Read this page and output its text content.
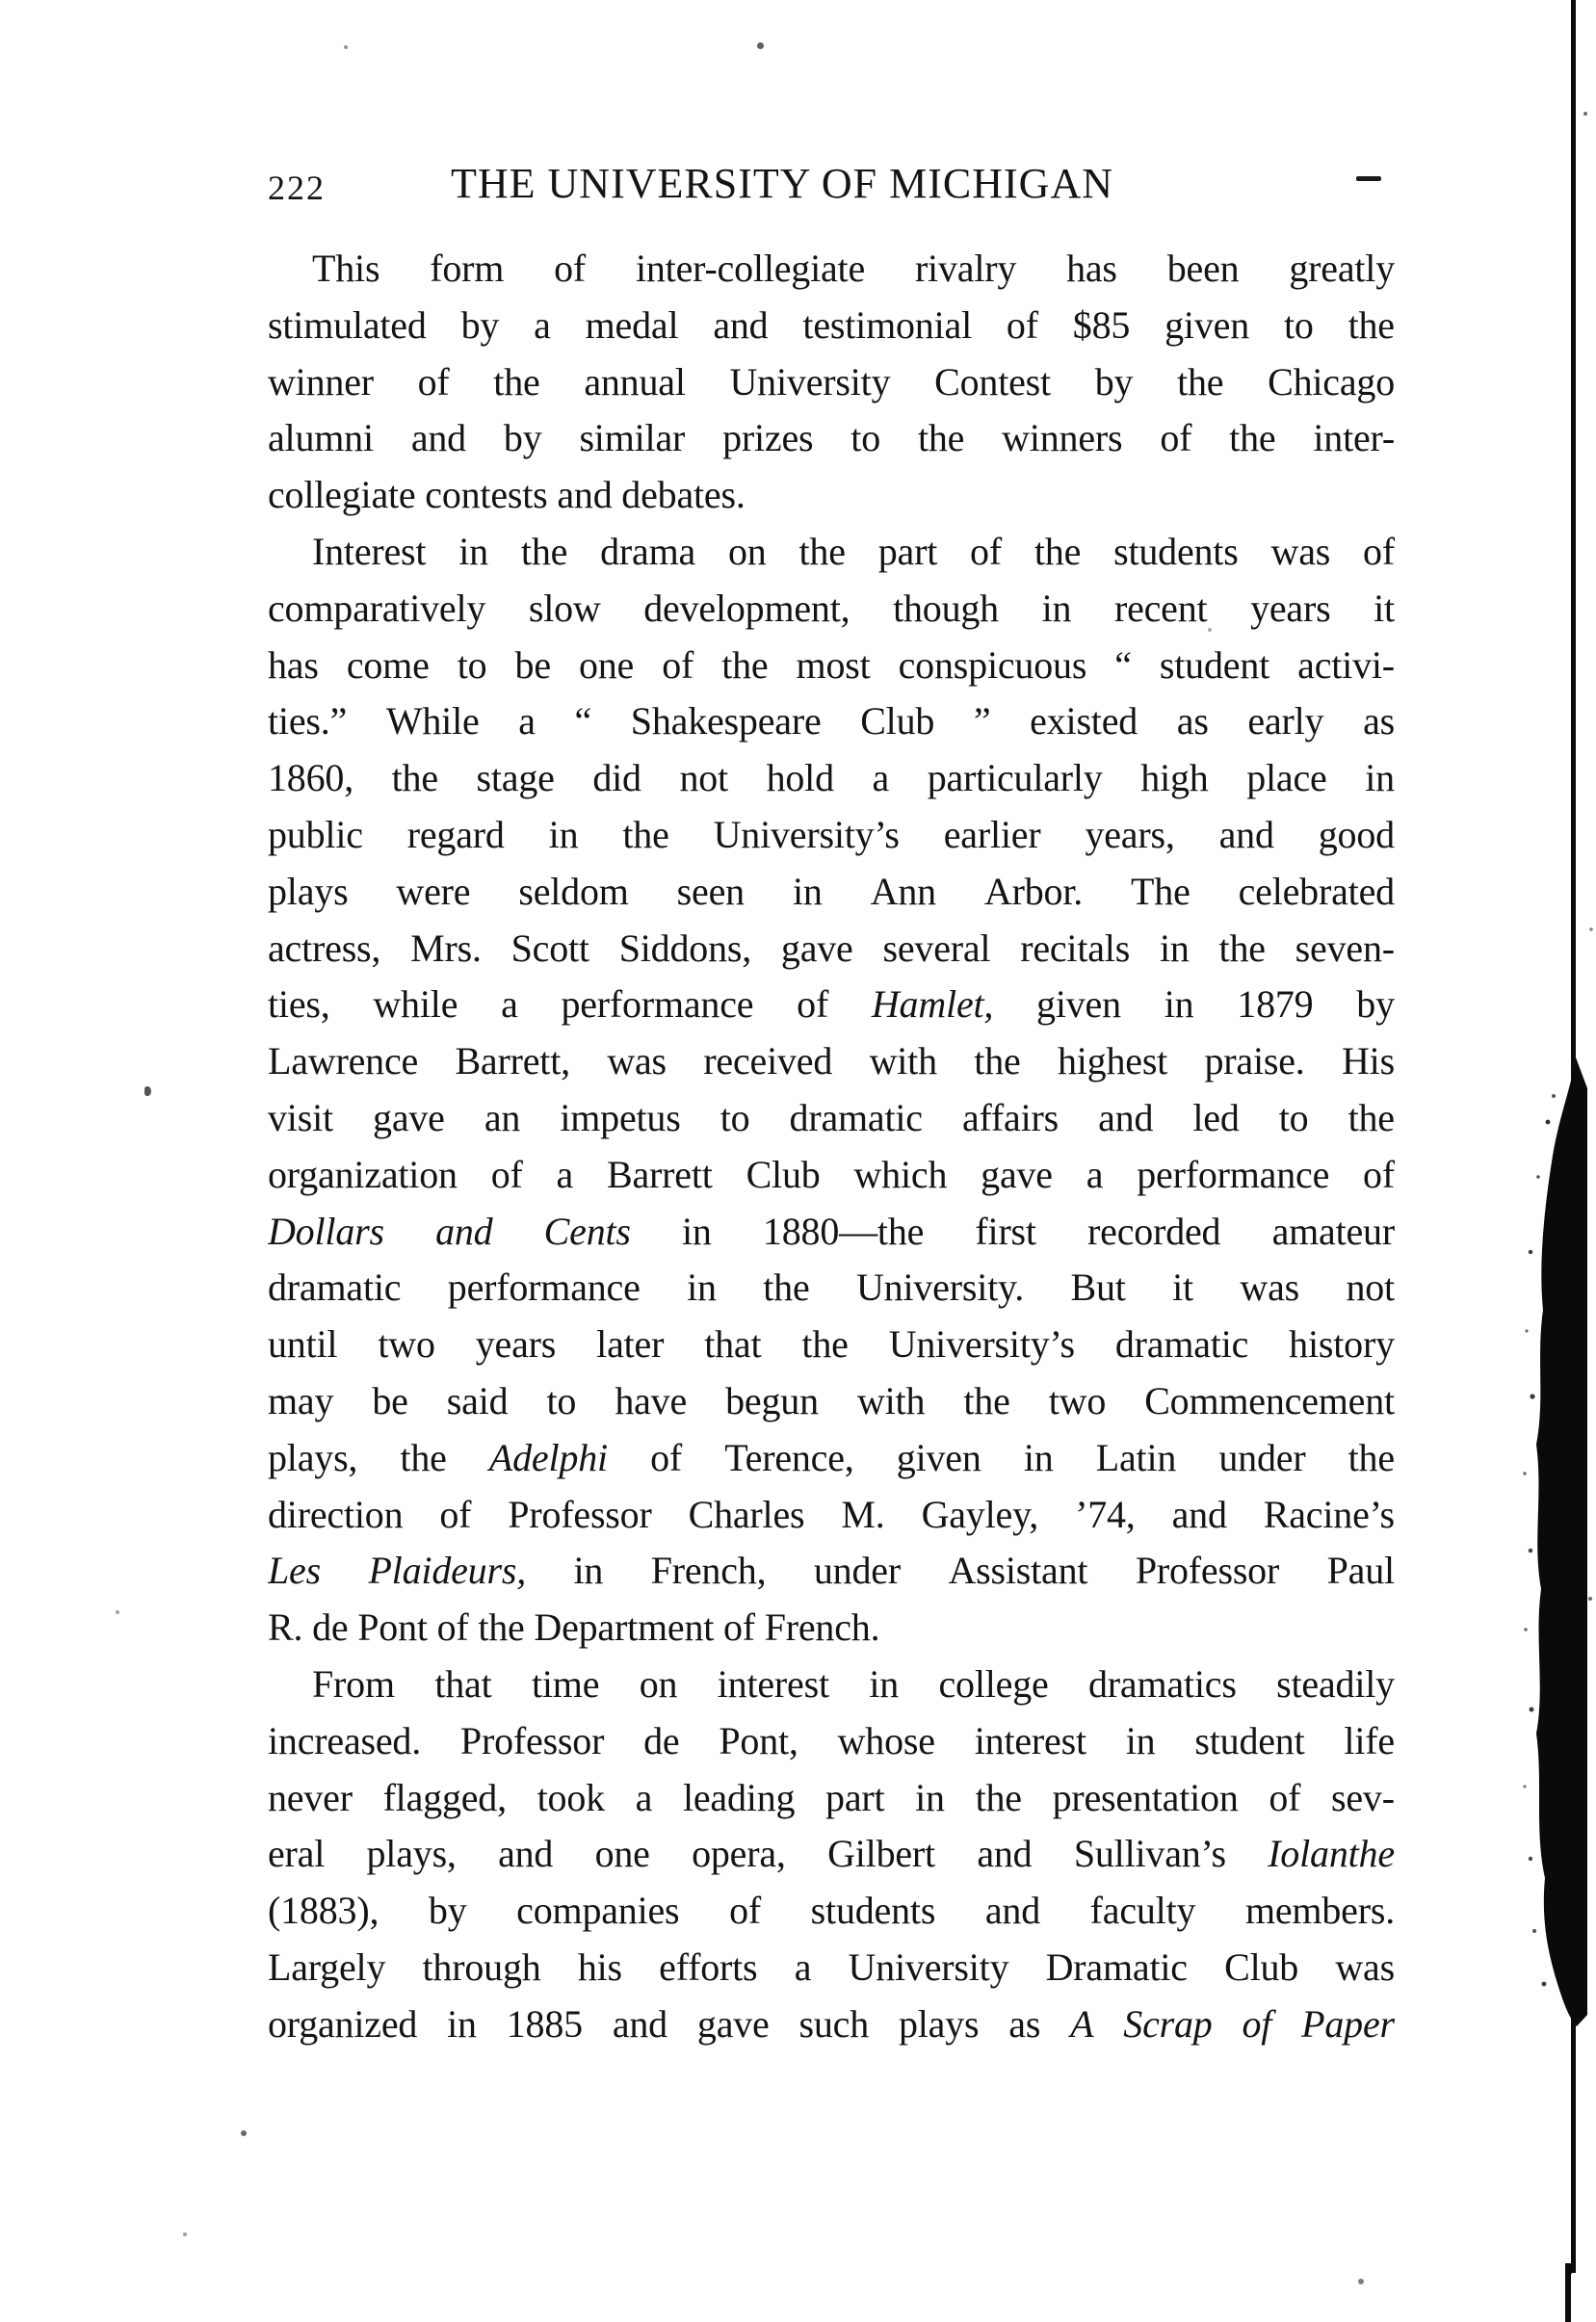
222	THE UNIVERSITY OF MICHIGAN
This form of inter-collegiate rivalry has been greatly
stimulated by a medal and testimonial of $85 given to the
winner of the annual University Contest by the Chicago
alumni and by similar prizes to the winners of the inter-
collegiate contests and debates.
Interest in the drama on the part of the students was of
comparatively slow development, though in recent years it
has come to be one of the most conspicuous “ student activi-
ties.” While a “ Shakespeare Club ” existed as early as
1860, the stage did not hold a particularly high place in
public regard in the University’s earlier years, and good
plays were seldom seen in Ann Arbor. The celebrated
actress, Mrs. Scott Siddons, gave several recitals in the seven-
ties, while a performance of Hamlet, given in 1879 by
Lawrence Barrett, was received with the highest praise. His
visit gave an impetus to dramatic affairs and led to the
organization of a Barrett Club which gave a performance of
Dollars and Cents in 1880—the first recorded amateur
dramatic performance in the University. But it was not
until two years later that the University’s dramatic history
may be said to have begun with the two Commencement
plays, the Adelphi of Terence, given in Latin under the
direction of Professor Charles M. Gayley, ’74, and Racine’s
Les Plaideurs, in French, under Assistant Professor Paul
R. de Pont of the Department of French.
From that time on interest in college dramatics steadily
increased. Professor de Pont, whose interest in student life
never flagged, took a leading part in the presentation of sev-
eral plays, and one opera, Gilbert and Sullivan’s Iolanthe
(1883), by companies of students and faculty members.
Largely through his efforts a University Dramatic Club was
organized in 1885 and gave such plays as A Scrap of Paper
